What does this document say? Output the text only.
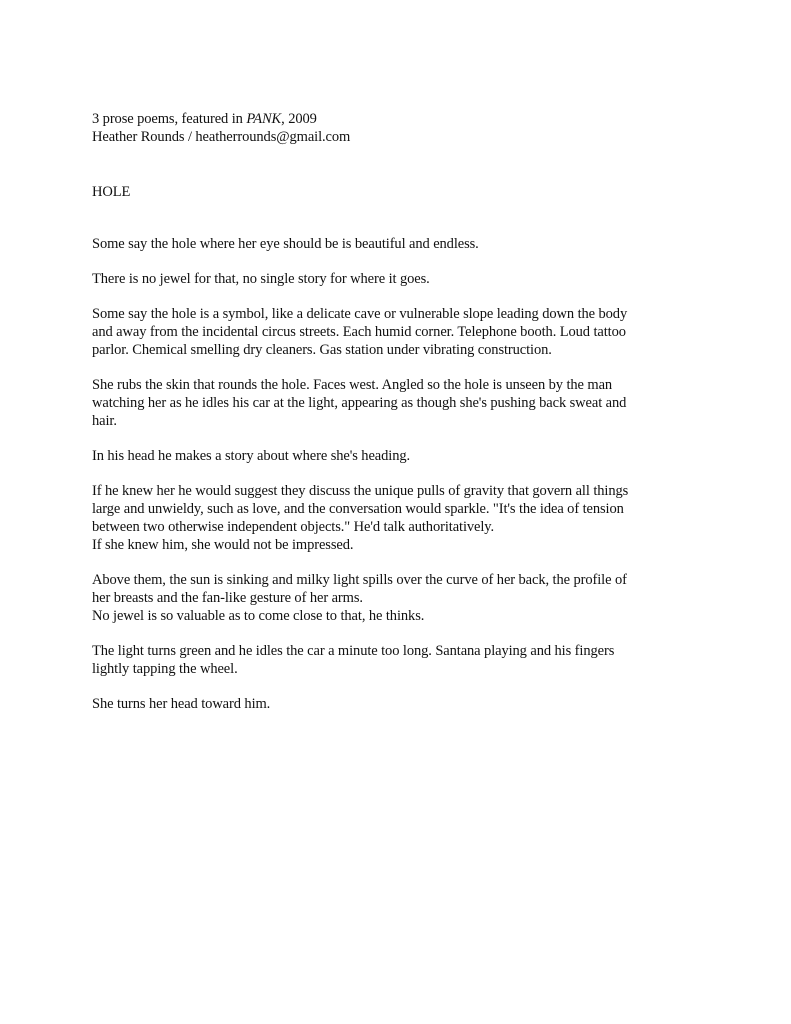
3 prose poems, featured in PANK, 2009

Heather Rounds / heatherrounds@gmail.com

HOLE

Some say the hole where her eye should be is beautiful and endless.

There is no jewel for that, no single story for where it goes.

Some say the hole is a symbol, like a delicate cave or vulnerable slope leading down the body
and away from the incidental circus streets. Each humid corner. Telephone booth. Loud tattoo
parlor. Chemical smelling dry cleaners. Gas station under vibrating construction.

She rubs the skin that rounds the hole. Faces west. Angled so the hole is unseen by the man
watching her as he idles his car at the light, appearing as though she's pushing back sweat and
hair.

In his head he makes a story about where she's heading.

If he knew her he would suggest they discuss the unique pulls of gravity that govern all things
large and unwieldy, such as love, and the conversation would sparkle. "It's the idea of tension
between two otherwise independent objects." He'd talk authoritatively.
If she knew him, she would not be impressed.

Above them, the sun is sinking and milky light spills over the curve of her back, the profile of
her breasts and the fan-like gesture of her arms.
No jewel is so valuable as to come close to that, he thinks.

The light turns green and he idles the car a minute too long. Santana playing and his fingers
lightly tapping the wheel.

She turns her head toward him.
